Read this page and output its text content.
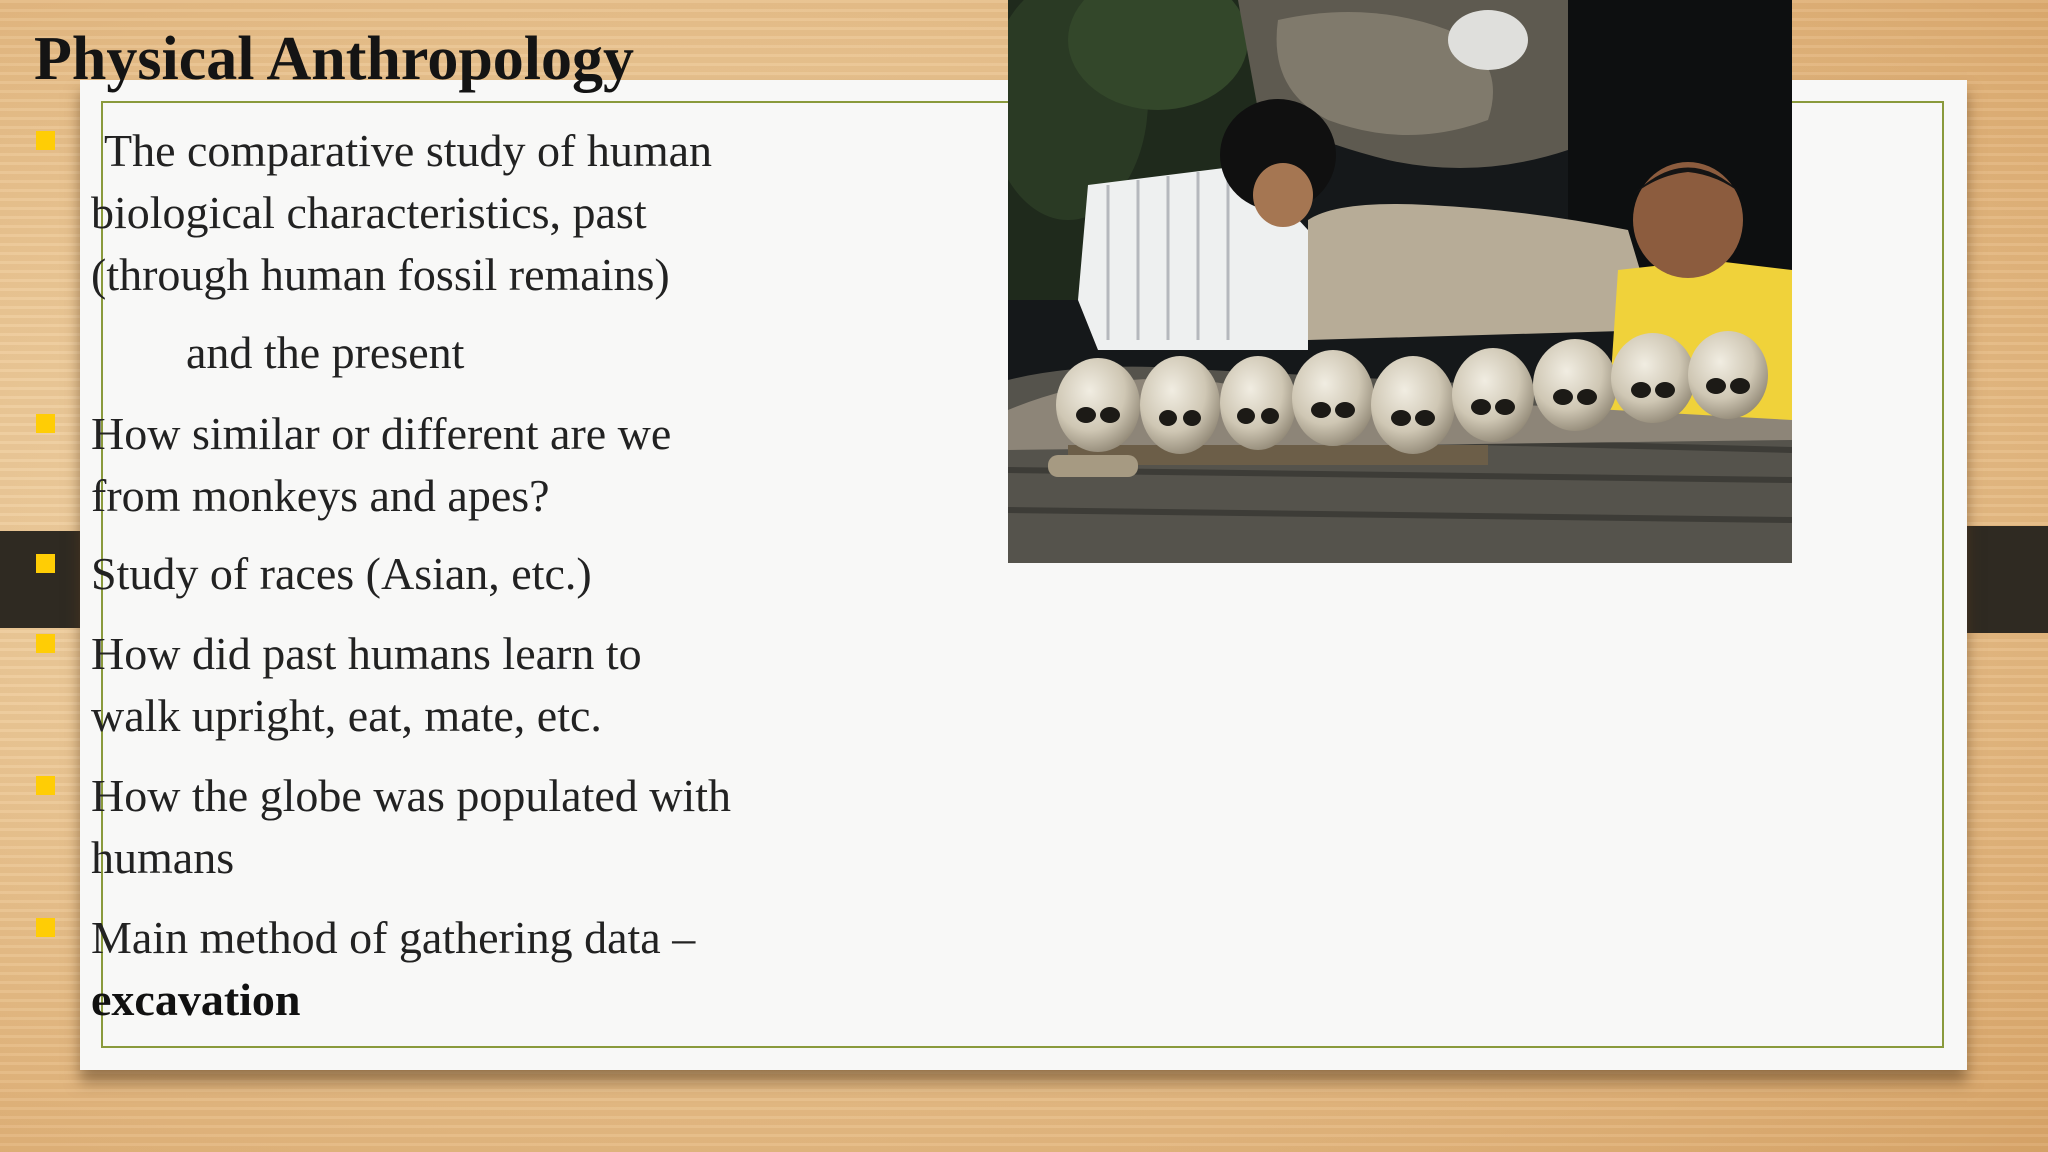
Physical Anthropology
The comparative study of human
biological characteristics, past
(through human fossil remains)
and the present
How similar or different are we
from monkeys and apes?
Study of races (Asian, etc.)
How did past humans learn to
walk upright, eat, mate, etc.
How the globe was populated with
humans
Main method of gathering data –
excavation
